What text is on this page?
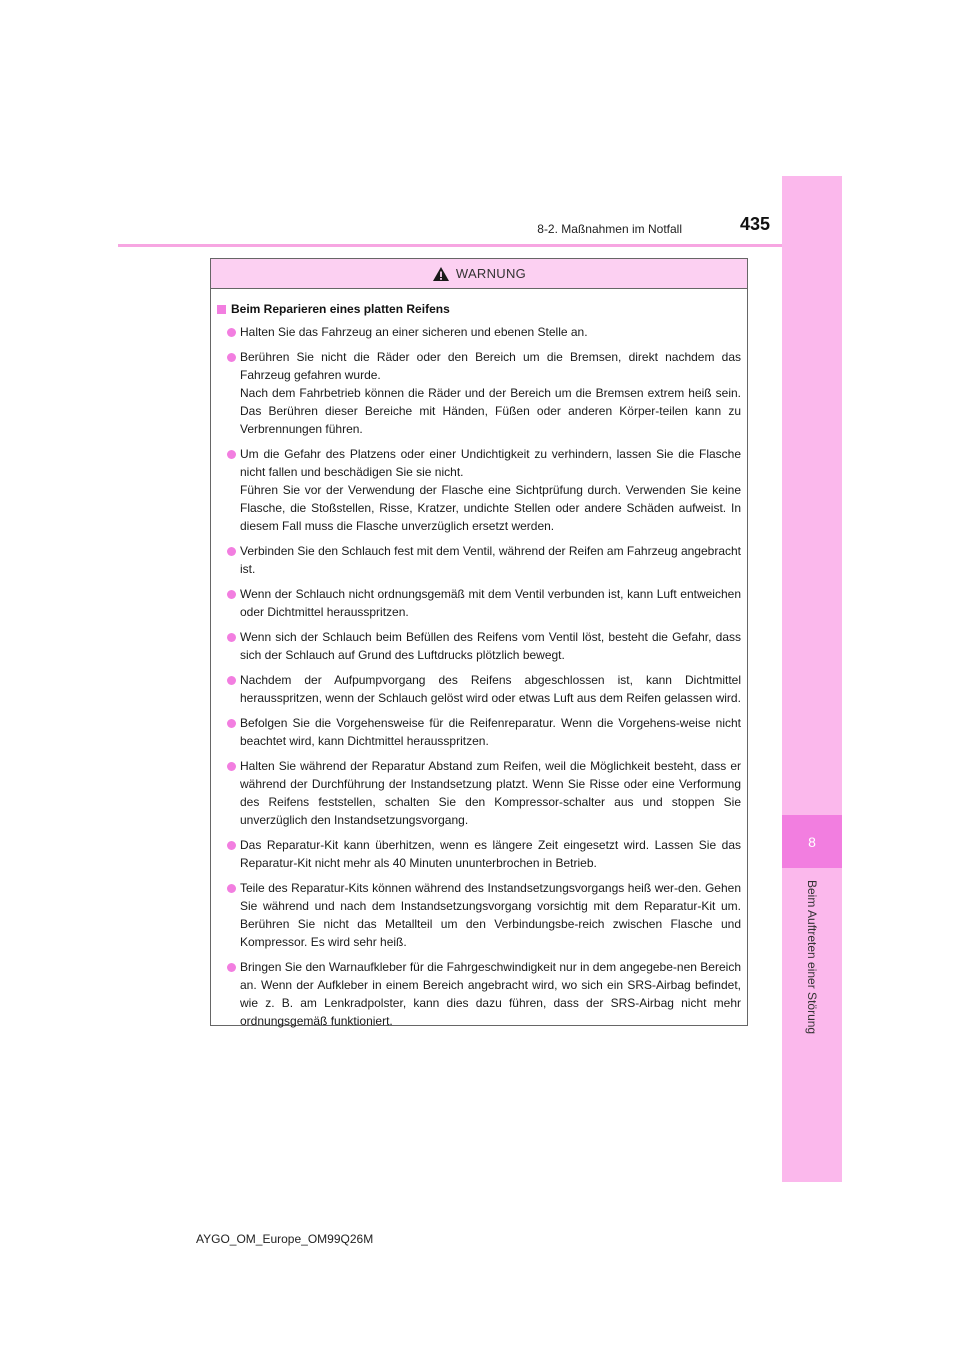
8
Beim Auftreten einer Störung
8-2. Maßnahmen im Notfall	435
WARNUNG
Beim Reparieren eines platten Reifens
Halten Sie das Fahrzeug an einer sicheren und ebenen Stelle an.
Berühren Sie nicht die Räder oder den Bereich um die Bremsen, direkt nachdem das Fahrzeug gefahren wurde.
Nach dem Fahrbetrieb können die Räder und der Bereich um die Bremsen extrem heiß sein. Das Berühren dieser Bereiche mit Händen, Füßen oder anderen Körper-teilen kann zu Verbrennungen führen.
Um die Gefahr des Platzens oder einer Undichtigkeit zu verhindern, lassen Sie die Flasche nicht fallen und beschädigen Sie sie nicht.
Führen Sie vor der Verwendung der Flasche eine Sichtprüfung durch. Verwenden Sie keine Flasche, die Stoßstellen, Risse, Kratzer, undichte Stellen oder andere Schäden aufweist. In diesem Fall muss die Flasche unverzüglich ersetzt werden.
Verbinden Sie den Schlauch fest mit dem Ventil, während der Reifen am Fahrzeug angebracht ist.
Wenn der Schlauch nicht ordnungsgemäß mit dem Ventil verbunden ist, kann Luft entweichen oder Dichtmittel herausspritzen.
Wenn sich der Schlauch beim Befüllen des Reifens vom Ventil löst, besteht die Gefahr, dass sich der Schlauch auf Grund des Luftdrucks plötzlich bewegt.
Nachdem der Aufpumpvorgang des Reifens abgeschlossen ist, kann Dichtmittel herausspritzen, wenn der Schlauch gelöst wird oder etwas Luft aus dem Reifen gelassen wird.
Befolgen Sie die Vorgehensweise für die Reifenreparatur. Wenn die Vorgehens-weise nicht beachtet wird, kann Dichtmittel herausspritzen.
Halten Sie während der Reparatur Abstand zum Reifen, weil die Möglichkeit besteht, dass er während der Durchführung der Instandsetzung platzt. Wenn Sie Risse oder eine Verformung des Reifens feststellen, schalten Sie den Kompressor-schalter aus und stoppen Sie unverzüglich den Instandsetzungsvorgang.
Das Reparatur-Kit kann überhitzen, wenn es längere Zeit eingesetzt wird. Lassen Sie das Reparatur-Kit nicht mehr als 40 Minuten ununterbrochen in Betrieb.
Teile des Reparatur-Kits können während des Instandsetzungsvorgangs heiß wer-den. Gehen Sie während und nach dem Instandsetzungsvorgang vorsichtig mit dem Reparatur-Kit um. Berühren Sie nicht das Metallteil um den Verbindungsbe-reich zwischen Flasche und Kompressor. Es wird sehr heiß.
Bringen Sie den Warnaufkleber für die Fahrgeschwindigkeit nur in dem angegebe-nen Bereich an. Wenn der Aufkleber in einem Bereich angebracht wird, wo sich ein SRS-Airbag befindet, wie z. B. am Lenkradpolster, kann dies dazu führen, dass der SRS-Airbag nicht mehr ordnungsgemäß funktioniert.
AYGO_OM_Europe_OM99Q26M
